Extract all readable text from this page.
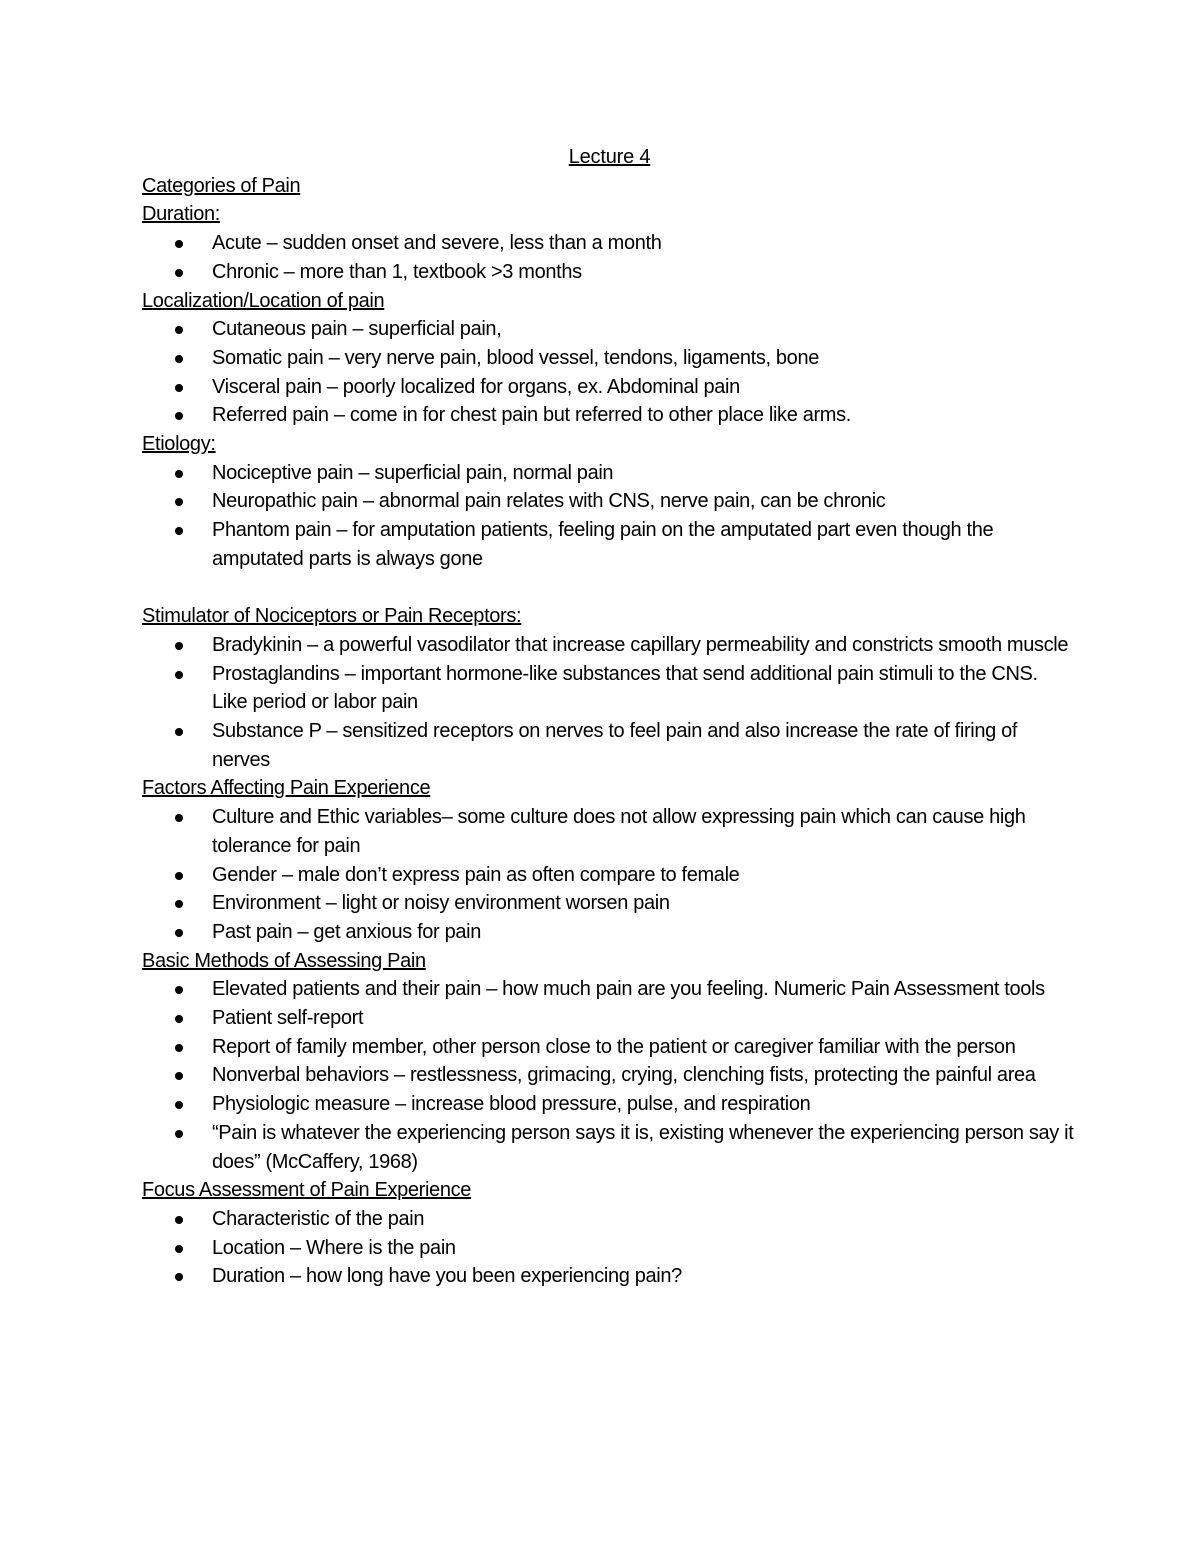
Lecture 4
Categories of Pain
Duration:
Acute – sudden onset and severe, less than a month
Chronic – more than 1, textbook >3 months
Localization/Location of pain
Cutaneous pain – superficial pain,
Somatic pain – very nerve pain, blood vessel, tendons, ligaments, bone
Visceral pain – poorly localized for organs, ex. Abdominal pain
Referred pain – come in for chest pain but referred to other place like arms.
Etiology:
Nociceptive pain – superficial pain, normal pain
Neuropathic pain – abnormal pain relates with CNS, nerve pain, can be chronic
Phantom pain – for amputation patients, feeling pain on the amputated part even though the amputated parts is always gone
Stimulator of Nociceptors or Pain Receptors:
Bradykinin – a powerful vasodilator that increase capillary permeability and constricts smooth muscle
Prostaglandins – important hormone-like substances that send additional pain stimuli to the CNS. Like period or labor pain
Substance P – sensitized receptors on nerves to feel pain and also increase the rate of firing of nerves
Factors Affecting Pain Experience
Culture and Ethic variables– some culture does not allow expressing pain which can cause high tolerance for pain
Gender – male don’t express pain as often compare to female
Environment – light or noisy environment worsen pain
Past pain – get anxious for pain
Basic Methods of Assessing Pain
Elevated patients and their pain – how much pain are you feeling. Numeric Pain Assessment tools
Patient self-report
Report of family member, other person close to the patient or caregiver familiar with the person
Nonverbal behaviors – restlessness, grimacing, crying, clenching fists, protecting the painful area
Physiologic measure – increase blood pressure, pulse, and respiration
“Pain is whatever the experiencing person says it is, existing whenever the experiencing person say it does” (McCaffery, 1968)
Focus Assessment of Pain Experience
Characteristic of the pain
Location – Where is the pain
Duration – how long have you been experiencing pain?
